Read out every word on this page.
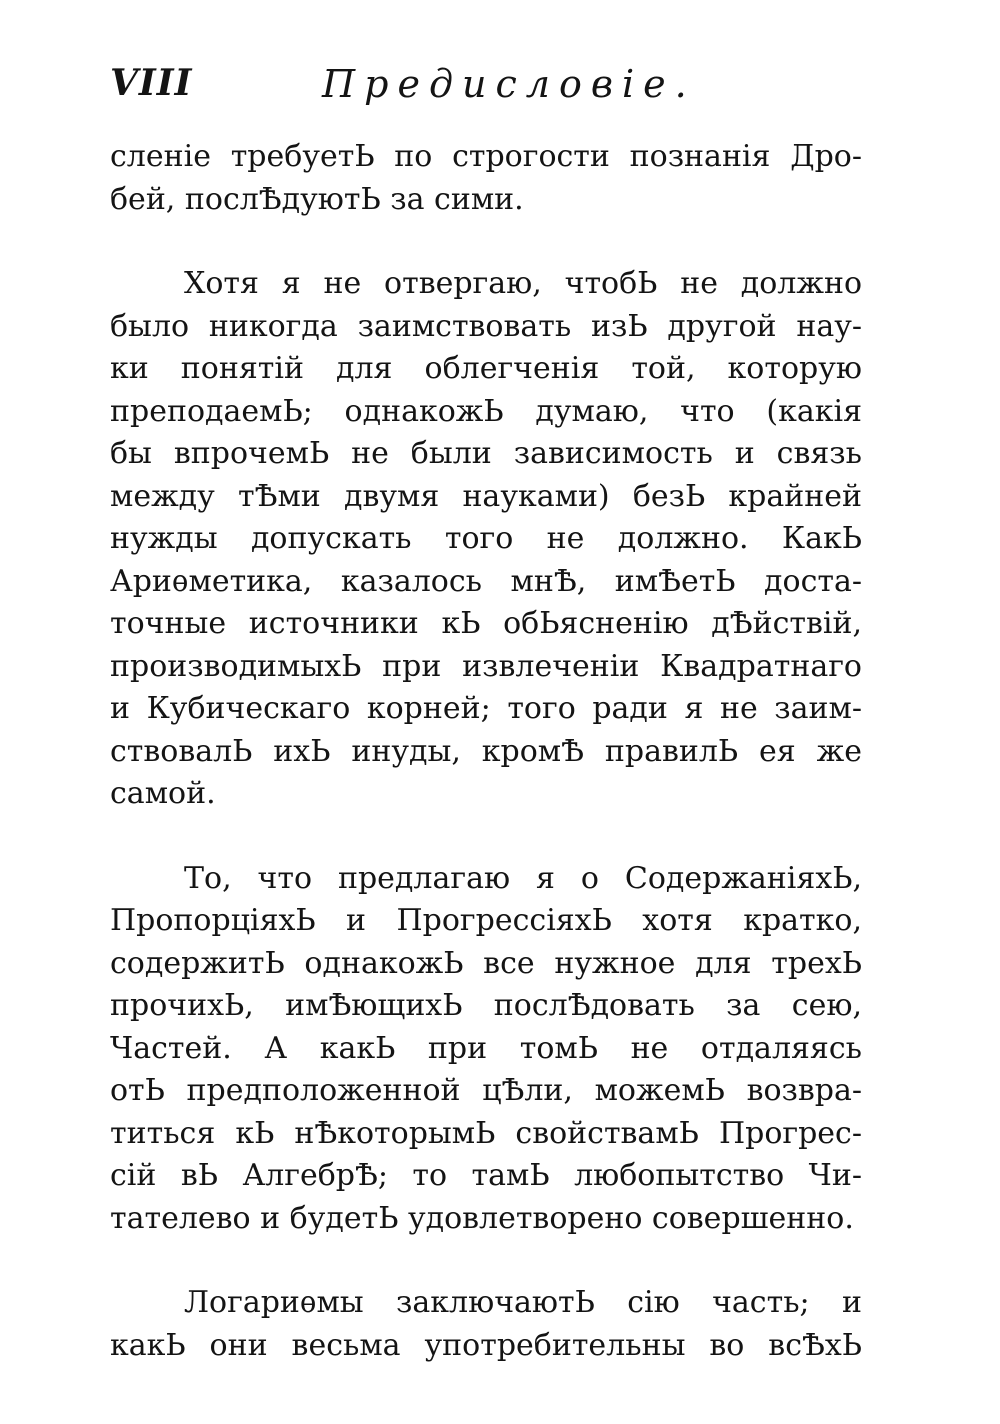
VIII	Предисловіе.
сленіе требуетЬ по строгости познанія Дро-
бей, послѢдуютЬ за сими.
Хотя я не отвергаю, чтобЬ не должно
было никогда заимствовать изЬ другой нау-
ки понятій для облегченія той, которую
преподаемЬ; однакожЬ думаю, что (какія
бы впрочемЬ не были зависимость и связь
между тѢми двумя науками) безЬ крайней
нужды допускать того не должно. КакЬ
Ариѳметика, казалось мнѢ, имѢетЬ доста-
точные источники кЬ обЬясненію дѢйствій,
производимыхЬ при извлеченіи Квадратнаго
и Кубическаго корней; того ради я не заим-
ствовалЬ ихЬ инуды, кромѢ правилЬ ея же
самой.
То, что предлагаю я о СодержаніяхЬ,
ПропорціяхЬ и ПрогрессіяхЬ хотя кратко,
содержитЬ однакожЬ все нужное для трехЬ
прочихЬ, имѢющихЬ послѢдовать за сею,
Частей. А какЬ при томЬ не отдаляясь
отЬ предположенной цѢли, можемЬ возвра-
титься кЬ нѢкоторымЬ свойствамЬ Прогрес-
сій вЬ АлгебрѢ; то тамЬ любопытство Чи-
тателево и будетЬ удовлетворено совершенно.
Логариѳмы заключаютЬ сію часть; и
какЬ они весьма употребительны во всѢхЬ
